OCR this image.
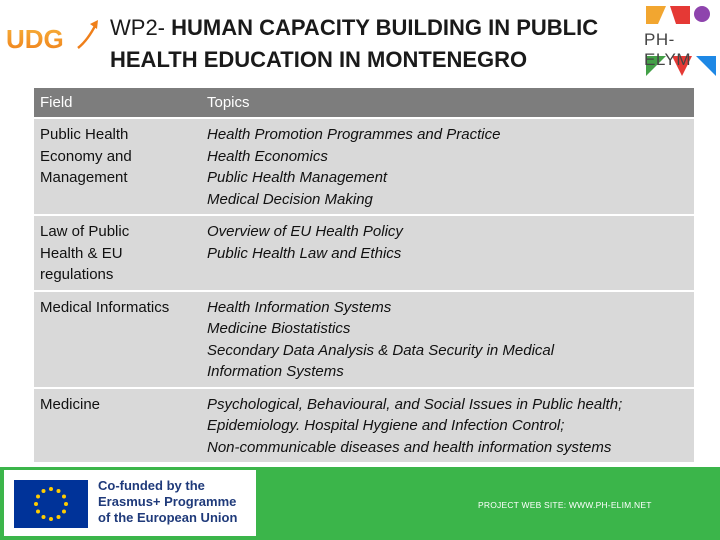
UDG WP2- HUMAN CAPACITY BUILDING IN PUBLIC
HEALTH EDUCATION IN MONTENEGRO
PH-ELYM
Field	Topics

Public Health
Economy and
Management	Health Promotion Programmes and Practice
Health Economics
Public Health Management
Medical Decision Making

Law of Public
Health & EU
regulations	Overview of EU Health Policy
Public Health Law and Ethics

Medical Informatics	Health Information Systems
Medicine Biostatistics
Secondary Data Analysis & Data Security in Medical
Information Systems

Medicine	Psychological, Behavioural, and Social Issues in Public health;
Epidemiology. Hospital Hygiene and Infection Control;
Non-communicable diseases and health information systems
Co-funded by the
Erasmus+ Programme
of the European Union
PROJECT WEB SITE: WWW.PH-ELIM.NET
